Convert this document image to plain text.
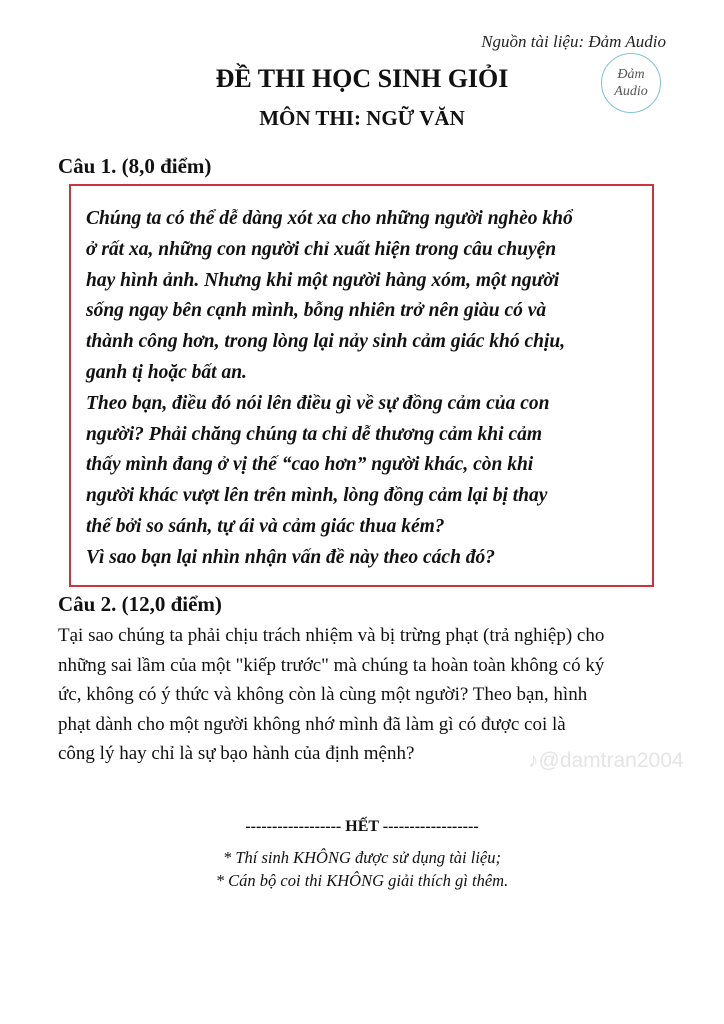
Nguồn tài liệu: Đảm Audio
Đảm
Audio
ĐỀ THI HỌC SINH GIỎI
MÔN THI: NGỮ VĂN
Câu 1. (8,0 điểm)
Chúng ta có thể dễ dàng xót xa cho những người nghèo khổ
ở rất xa, những con người chỉ xuất hiện trong câu chuyện
hay hình ảnh. Nhưng khi một người hàng xóm, một người
sống ngay bên cạnh mình, bỗng nhiên trở nên giàu có và
thành công hơn, trong lòng lại nảy sinh cảm giác khó chịu,
ganh tị hoặc bất an.
Theo bạn, điều đó nói lên điều gì về sự đồng cảm của con
người? Phải chăng chúng ta chỉ dễ thương cảm khi cảm
thấy mình đang ở vị thế “cao hơn” người khác, còn khi
người khác vượt lên trên mình, lòng đồng cảm lại bị thay
thế bởi so sánh, tự ái và cảm giác thua kém?
Vì sao bạn lại nhìn nhận vấn đề này theo cách đó?
Câu 2. (12,0 điểm)
Tại sao chúng ta phải chịu trách nhiệm và bị trừng phạt (trả nghiệp) cho
những sai lầm của một "kiếp trước" mà chúng ta hoàn toàn không có ký
ức, không có ý thức và không còn là cùng một người? Theo bạn, hình
phạt dành cho một người không nhớ mình đã làm gì có được coi là
công lý hay chỉ là sự bạo hành của định mệnh?	♪@damtran2004
------------------ HẾT ------------------
* Thí sinh KHÔNG được sử dụng tài liệu;
* Cán bộ coi thi KHÔNG giải thích gì thêm.
